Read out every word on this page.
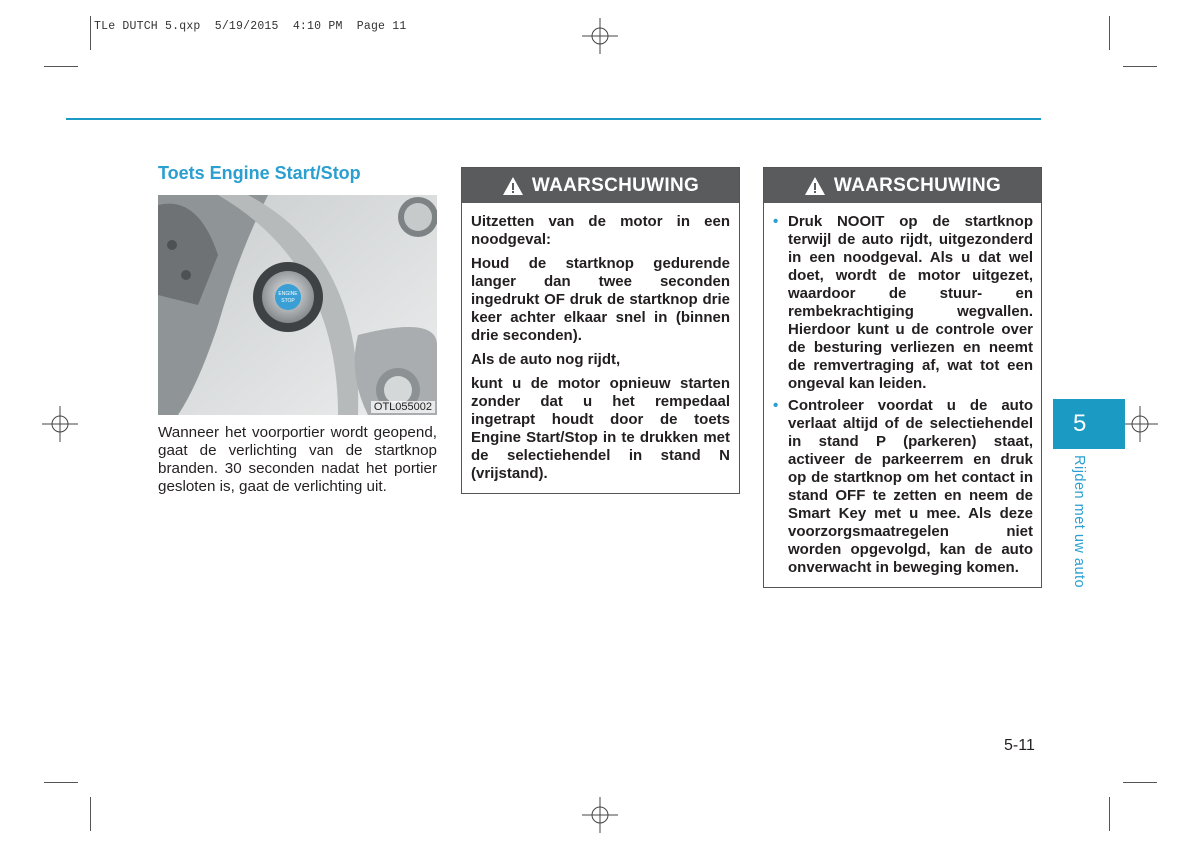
TLe DUTCH 5.qxp  5/19/2015  4:10 PM  Page 11
Toets Engine Start/Stop
ENGINE
STOP
OTL055002
Wanneer het voorportier wordt geopend, gaat de verlichting van de startknop branden. 30 seconden nadat het portier gesloten is, gaat de verlichting uit.
WAARSCHUWING

Uitzetten van de motor in een noodgeval:

Houd de startknop gedurende langer dan twee seconden ingedrukt OF druk de startknop drie keer achter elkaar snel in (binnen drie seconden).

Als de auto nog rijdt,

kunt u de motor opnieuw starten zonder dat u het rempedaal ingetrapt houdt door de toets Engine Start/Stop in te drukken met de selectiehendel in stand N (vrijstand).

WAARSCHUWING
• Druk NOOIT op de startknop terwijl de auto rijdt, uitgezonderd in een noodgeval. Als u dat wel doet, wordt de motor uitgezet, waardoor de stuur- en rembekrachtiging wegvallen. Hierdoor kunt u de controle over de besturing verliezen en neemt de remvertraging af, wat tot een ongeval kan leiden.
• Controleer voordat u de auto verlaat altijd of de selectiehendel in stand P (parkeren) staat, activeer de parkeerrem en druk op de startknop om het contact in stand OFF te zetten en neem de Smart Key met u mee. Als deze voorzorgsmaatregelen niet worden opgevolgd, kan de auto onverwacht in beweging komen.
5
Rijden met uw auto
5-11
